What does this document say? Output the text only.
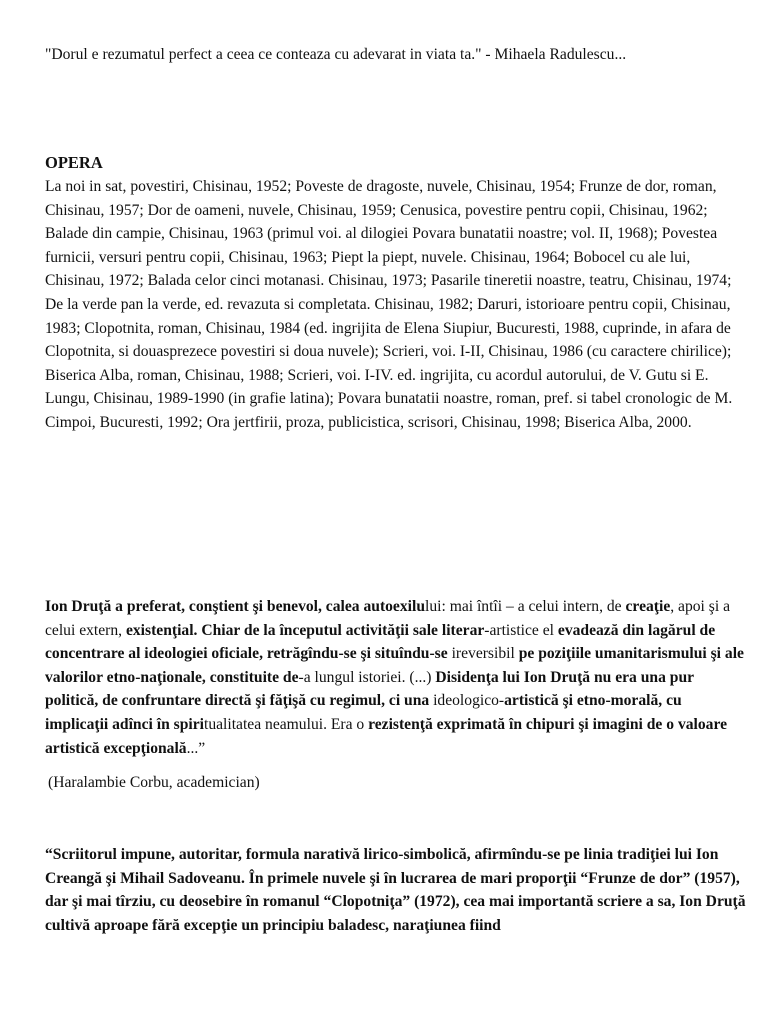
"Dorul e rezumatul perfect a ceea ce conteaza cu adevarat in viata ta." - Mihaela Radulescu...

OPERA

La noi in sat, povestiri, Chisinau, 1952; Poveste de dragoste, nuvele, Chisinau, 1954; Frunze de dor, roman, Chisinau, 1957; Dor de oameni, nuvele, Chisinau, 1959; Cenusica, povestire pentru copii, Chisinau, 1962; Balade din campie, Chisinau, 1963 (primul voi. al dilogiei Povara bunatatii noastre; vol. II, 1968); Povestea furnicii, versuri pentru copii, Chisinau, 1963; Piept la piept, nuvele. Chisinau, 1964; Bobocel cu ale lui, Chisinau, 1972; Balada celor cinci motanasi. Chisinau, 1973; Pasarile tineretii noastre, teatru, Chisinau, 1974; De la verde pan la verde, ed. revazuta si completata. Chisinau, 1982; Daruri, istorioare pentru copii, Chisinau, 1983; Clopotnita, roman, Chisinau, 1984 (ed. ingrijita de Elena Siupiur, Bucuresti, 1988, cuprinde, in afara de Clopotnita, si douasprezece povestiri si doua nuvele); Scrieri, voi. I-II, Chisinau, 1986 (cu caractere chirilice); Biserica Alba, roman, Chisinau, 1988; Scrieri, voi. I-IV. ed. ingrijita, cu acordul autorului, de V. Gutu si E. Lungu, Chisinau, 1989-1990 (in grafie latina); Povara bunatatii noastre, roman, pref. si tabel cronologic de M. Cimpoi, Bucuresti, 1992; Ora jertfirii, proza, publicistica, scrisori, Chisinau, 1998; Biserica Alba, 2000.

Ion Druţă a preferat, conştient şi benevol, calea autoexilului: mai întîi – a celui intern, de creaţie, apoi şi a celui extern, existenţial. Chiar de la începutul activităţii sale literar-artistice el evadează din lagărul de concentrare al ideologiei oficiale, retrăgîndu-se şi situîndu-se ireversibil pe poziţiile umanitarismului şi ale valorilor etno-naţionale, constituite de-a lungul istoriei. (...) Disidenţa lui Ion Druţă nu era una pur politică, de confruntare directă şi făţişă cu regimul, ci una ideologico-artistică şi etno-morală, cu implicaţii adînci în spiritualitatea neamului. Era o rezistenţă exprimată în chipuri şi imagini de o valoare artistică excepţională...”

(Haralambie Corbu, academician)

“Scriitorul impune, autoritar, formula narativă lirico-simbolică, afirmîndu-se pe linia tradiţiei lui Ion Creangă şi Mihail Sadoveanu. În primele nuvele şi în lucrarea de mari proporţii “Frunze de dor” (1957), dar şi mai tîrziu, cu deosebire în romanul “Clopotniţa” (1972), cea mai importantă scriere a sa, Ion Druţă cultivă aproape fără excepţie un principiu baladesc, naraţiunea fiind
